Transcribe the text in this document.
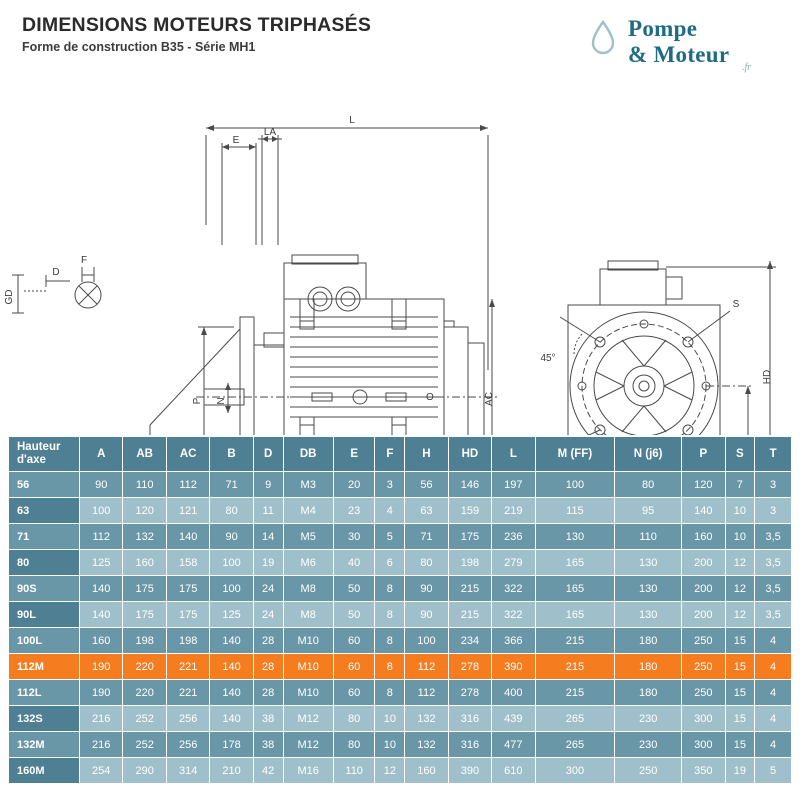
DIMENSIONS MOTEURS TRIPHASÉS
Forme de construction B35 - Série MH1
Pompe
& Moteur
.fr
F
D
GD
O
L
E
LA
P N	AC
S
45°
HD
Hauteur d'axe	A	AB	AC	B	D	DB	E	F	H	HD	L	M (FF)	N (j6)	P	S	T
56	90	110	112	71	9	M3	20	3	56	146	197	100	80	120	7	3
63	100	120	121	80	11	M4	23	4	63	159	219	115	95	140	10	3
71	112	132	140	90	14	M5	30	5	71	175	236	130	110	160	10	3,5
80	125	160	158	100	19	M6	40	6	80	198	279	165	130	200	12	3,5
90S	140	175	175	100	24	M8	50	8	90	215	322	165	130	200	12	3,5
90L	140	175	175	125	24	M8	50	8	90	215	322	165	130	200	12	3,5
100L	160	198	198	140	28	M10	60	8	100	234	366	215	180	250	15	4
112M	190	220	221	140	28	M10	60	8	112	278	390	215	180	250	15	4
112L	190	220	221	140	28	M10	60	8	112	278	400	215	180	250	15	4
132S	216	252	256	140	38	M12	80	10	132	316	439	265	230	300	15	4
132M	216	252	256	178	38	M12	80	10	132	316	477	265	230	300	15	4
160M	254	290	314	210	42	M16	110	12	160	390	610	300	250	350	19	5
